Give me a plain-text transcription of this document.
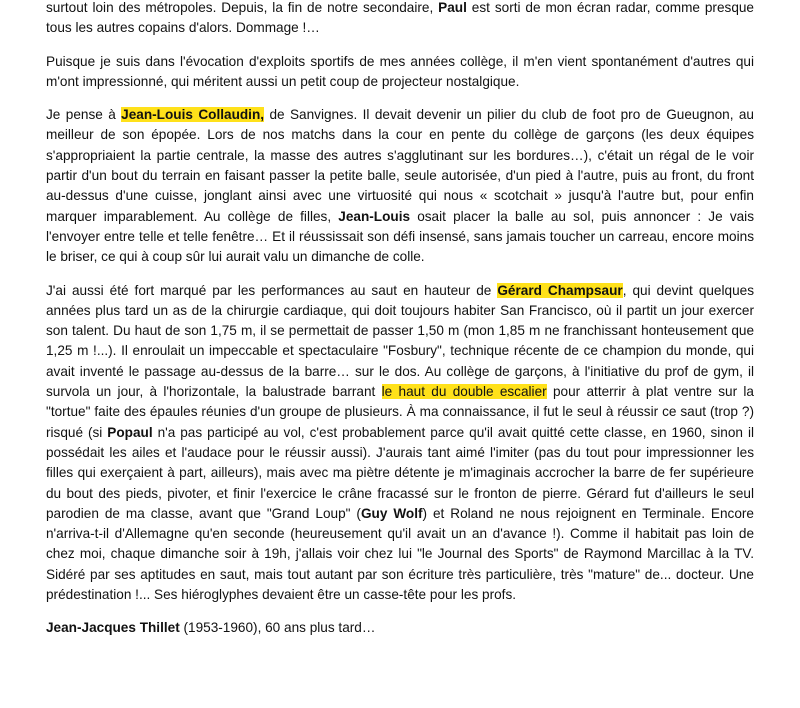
surtout loin des métropoles. Depuis, la fin de notre secondaire, Paul est sorti de mon écran radar, comme presque tous les autres copains d'alors. Dommage !…

Puisque je suis dans l'évocation d'exploits sportifs de mes années collège, il m'en vient spontanément d'autres qui m'ont impressionné, qui méritent aussi un petit coup de projecteur nostalgique.

Je pense à Jean-Louis Collaudin, de Sanvignes. Il devait devenir un pilier du club de foot pro de Gueugnon, au meilleur de son épopée. Lors de nos matchs dans la cour en pente du collège de garçons (les deux équipes s'appropriaient la partie centrale, la masse des autres s'agglutinant sur les bordures…), c'était un régal de le voir partir d'un bout du terrain en faisant passer la petite balle, seule autorisée, d'un pied à l'autre, puis au front, du front au-dessus d'une cuisse, jonglant ainsi avec une virtuosité qui nous « scotchait » jusqu'à l'autre but, pour enfin marquer imparablement. Au collège de filles, Jean-Louis osait placer la balle au sol, puis annoncer : Je vais l'envoyer entre telle et telle fenêtre… Et il réussissait son défi insensé, sans jamais toucher un carreau, encore moins le briser, ce qui à coup sûr lui aurait valu un dimanche de colle.

J'ai aussi été fort marqué par les performances au saut en hauteur de Gérard Champsaur, qui devint quelques années plus tard un as de la chirurgie cardiaque, qui doit toujours habiter San Francisco, où il partit un jour exercer son talent. Du haut de son 1,75 m, il se permettait de passer 1,50 m (mon 1,85 m ne franchissant honteusement que 1,25 m !...). Il enroulait un impeccable et spectaculaire "Fosbury", technique récente de ce champion du monde, qui avait inventé le passage au-dessus de la barre… sur le dos. Au collège de garçons, à l'initiative du prof de gym, il survola un jour, à l'horizontale, la balustrade barrant le haut du double escalier pour atterrir à plat ventre sur la "tortue" faite des épaules réunies d'un groupe de plusieurs. À ma connaissance, il fut le seul à réussir ce saut (trop ?) risqué (si Popaul n'a pas participé au vol, c'est probablement parce qu'il avait quitté cette classe, en 1960, sinon il possédait les ailes et l'audace pour le réussir aussi). J'aurais tant aimé l'imiter (pas du tout pour impressionner les filles qui exerçaient à part, ailleurs), mais avec ma piètre détente je m'imaginais accrocher la barre de fer supérieure du bout des pieds, pivoter, et finir l'exercice le crâne fracassé sur le fronton de pierre. Gérard fut d'ailleurs le seul parodien de ma classe, avant que "Grand Loup" (Guy Wolf) et Roland ne nous rejoignent en Terminale. Encore n'arriva-t-il d'Allemagne qu'en seconde (heureusement qu'il avait un an d'avance !). Comme il habitait pas loin de chez moi, chaque dimanche soir à 19h, j'allais voir chez lui "le Journal des Sports" de Raymond Marcillac à la TV. Sidéré par ses aptitudes en saut, mais tout autant par son écriture très particulière, très "mature" de... docteur. Une prédestination !... Ses hiéroglyphes devaient être un casse-tête pour les profs.

Jean-Jacques Thillet (1953-1960), 60 ans plus tard…
